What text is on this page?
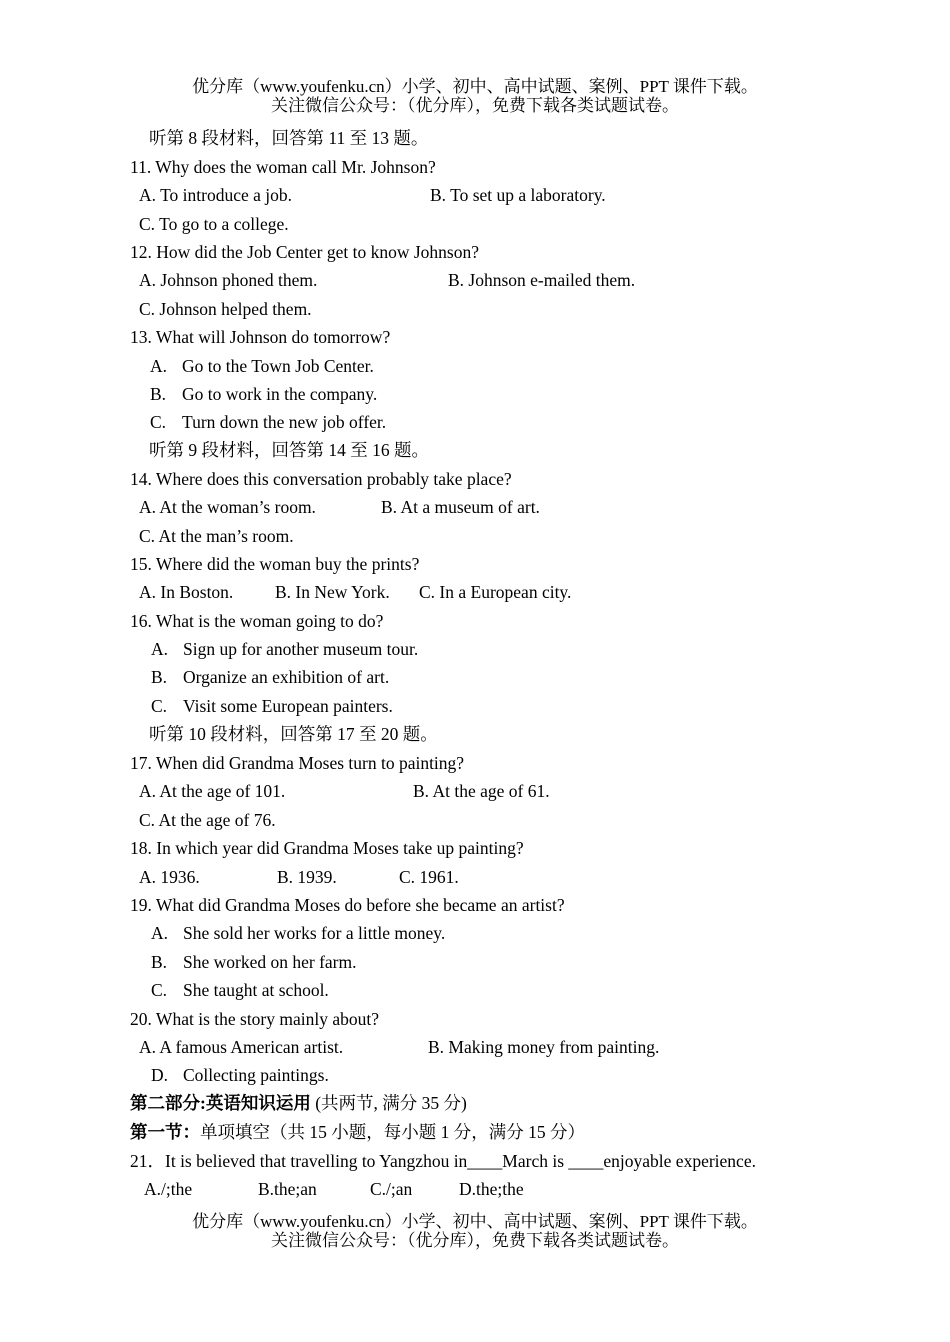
优分库（www.youfenku.cn）小学、初中、高中试题、案例、PPT 课件下载。
关注微信公众号：（优分库），免费下载各类试题试卷。
听第 8 段材料，回答第 11 至 13 题。
11. Why does the woman call Mr. Johnson?
A. To introduce a job.	B. To set up a laboratory.
C. To go to a college.
12. How did the Job Center get to know Johnson?
A. Johnson phoned them.	B. Johnson e-mailed them.
C. Johnson helped them.
13. What will Johnson do tomorrow?
A. Go to the Town Job Center.
B. Go to work in the company.
C. Turn down the new job offer.
听第 9 段材料，回答第 14 至 16 题。
14. Where does this conversation probably take place?
A. At the woman’s room.	B. At a museum of art.
C. At the man’s room.
15. Where did the woman buy the prints?
A. In Boston. B. In New York. C. In a European city.
16. What is the woman going to do?
A. Sign up for another museum tour.
B. Organize an exhibition of art.
C. Visit some European painters.
听第 10 段材料，回答第 17 至 20 题。
17. When did Grandma Moses turn to painting?
A. At the age of 101.	B. At the age of 61.
C. At the age of 76.
18. In which year did Grandma Moses take up painting?
A. 1936.	B. 1939.	C. 1961.
19. What did Grandma Moses do before she became an artist?
A. She sold her works for a little money.
B. She worked on her farm.
C. She taught at school.
20. What is the story mainly about?
A. A famous American artist.	B. Making money from painting.
D. Collecting paintings.
第二部分:英语知识运用 (共两节, 满分 35 分)
第一节：单项填空（共 15 小题，每小题 1 分，满分 15 分）
21．It is believed that travelling to Yangzhou in____March is ____enjoyable experience.
A./;the	B.the;an	C./;an	D.the;the
优分库（www.youfenku.cn）小学、初中、高中试题、案例、PPT 课件下载。
关注微信公众号：（优分库），免费下载各类试题试卷。
